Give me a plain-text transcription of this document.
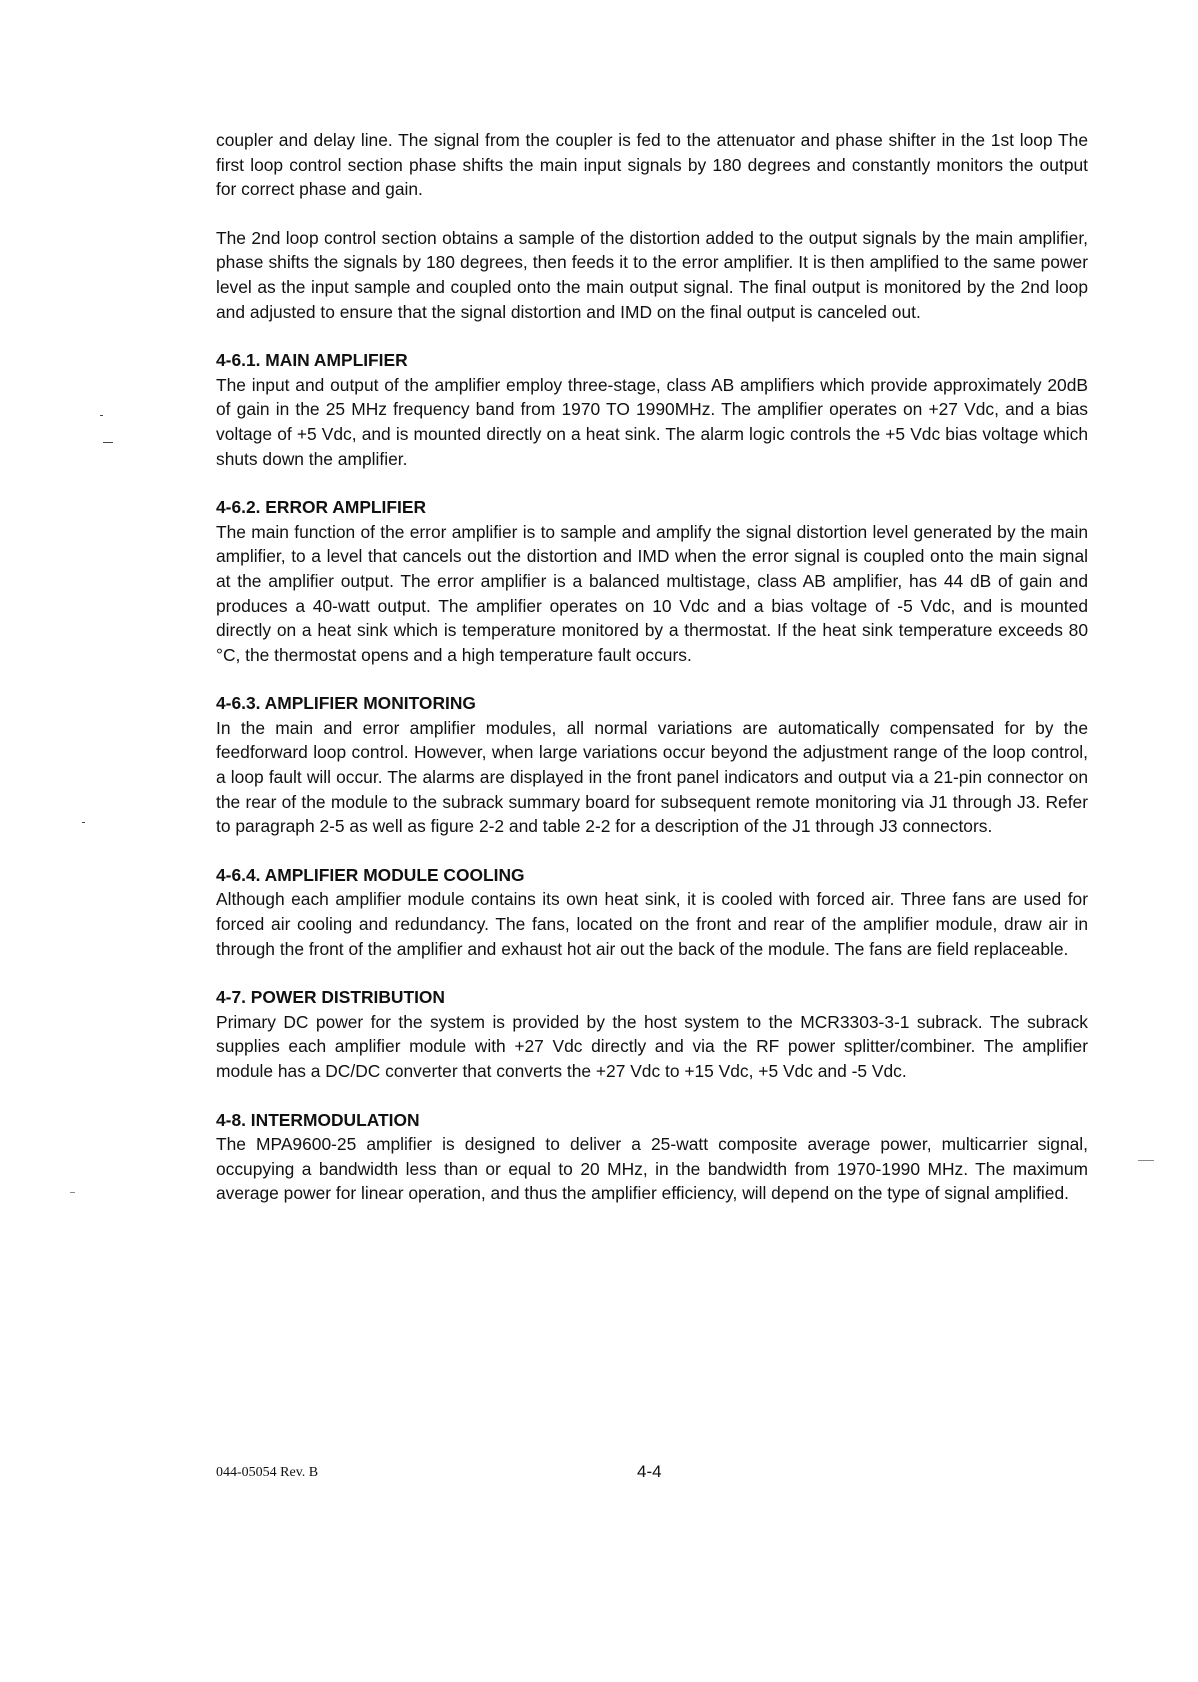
coupler and delay line. The signal from the coupler is fed to the attenuator and phase shifter in the 1st loop The first loop control section phase shifts the main input signals by 180 degrees and constantly monitors the output for correct phase and gain.

The 2nd loop control section obtains a sample of the distortion added to the output signals by the main amplifier, phase shifts the signals by 180 degrees, then feeds it to the error amplifier. It is then amplified to the same power level as the input sample and coupled onto the main output signal. The final output is monitored by the 2nd loop and adjusted to ensure that the signal distortion and IMD on the final output is canceled out.

4-6.1. MAIN AMPLIFIER

The input and output of the amplifier employ three-stage, class AB amplifiers which provide approximately 20dB of gain in the 25 MHz frequency band from 1970 TO 1990MHz. The amplifier operates on +27 Vdc, and a bias voltage of +5 Vdc, and is mounted directly on a heat sink. The alarm logic controls the +5 Vdc bias voltage which shuts down the amplifier.

4-6.2. ERROR AMPLIFIER

The main function of the error amplifier is to sample and amplify the signal distortion level generated by the main amplifier, to a level that cancels out the distortion and IMD when the error signal is coupled onto the main signal at the amplifier output. The error amplifier is a balanced multistage, class AB amplifier, has 44 dB of gain and produces a 40-watt output. The amplifier operates on 10 Vdc and a bias voltage of -5 Vdc, and is mounted directly on a heat sink which is temperature monitored by a thermostat. If the heat sink temperature exceeds 80 °C, the thermostat opens and a high temperature fault occurs.

4-6.3. AMPLIFIER MONITORING

In the main and error amplifier modules, all normal variations are automatically compensated for by the feedforward loop control. However, when large variations occur beyond the adjustment range of the loop control, a loop fault will occur. The alarms are displayed in the front panel indicators and output via a 21-pin connector on the rear of the module to the subrack summary board for subsequent remote monitoring via J1 through J3. Refer to paragraph 2-5 as well as figure 2-2 and table 2-2 for a description of the J1 through J3 connectors.

4-6.4. AMPLIFIER MODULE COOLING

Although each amplifier module contains its own heat sink, it is cooled with forced air. Three fans are used for forced air cooling and redundancy. The fans, located on the front and rear of the amplifier module, draw air in through the front of the amplifier and exhaust hot air out the back of the module. The fans are field replaceable.

4-7. POWER DISTRIBUTION

Primary DC power for the system is provided by the host system to the MCR3303-3-1 subrack. The subrack supplies each amplifier module with +27 Vdc directly and via the RF power splitter/combiner. The amplifier module has a DC/DC converter that converts the +27 Vdc to +15 Vdc, +5 Vdc and -5 Vdc.

4-8. INTERMODULATION

The MPA9600-25 amplifier is designed to deliver a 25-watt composite average power, multicarrier signal, occupying a bandwidth less than or equal to 20 MHz, in the bandwidth from 1970-1990 MHz. The maximum average power for linear operation, and thus the amplifier efficiency, will depend on the type of signal amplified.

044-05054 Rev. B	4-4
